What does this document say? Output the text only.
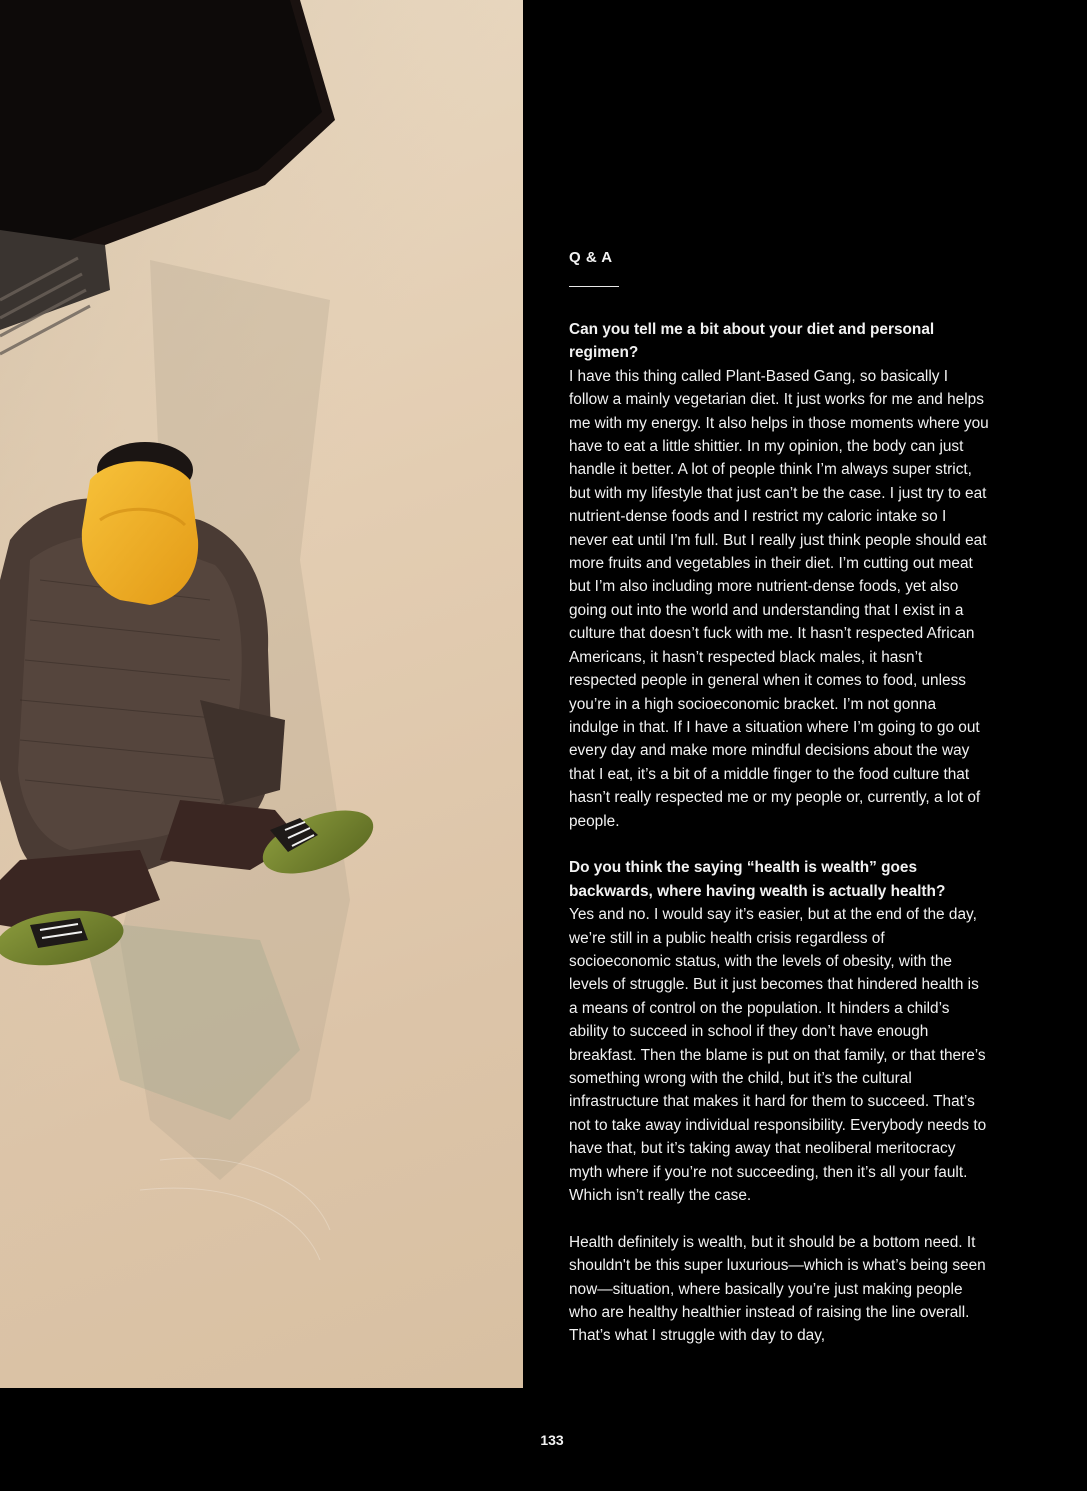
Q & A

Can you tell me a bit about your diet and personal regimen?

I have this thing called Plant-Based Gang, so basically I follow a mainly vegetarian diet. It just works for me and helps me with my energy. It also helps in those moments where you have to eat a little shittier. In my opinion, the body can just handle it better. A lot of people think I’m always super strict, but with my lifestyle that just can’t be the case. I just try to eat nutrient-dense foods and I restrict my caloric intake so I never eat until I’m full. But I really just think people should eat more fruits and vegetables in their diet. I’m cutting out meat but I’m also including more nutrient-dense foods, yet also going out into the world and understanding that I exist in a culture that doesn’t fuck with me. It hasn’t respected African Americans, it hasn’t respected black males, it hasn’t respected people in general when it comes to food, unless you’re in a high socioeconomic bracket. I’m not gonna indulge in that. If I have a situation where I’m going to go out every day and make more mindful decisions about the way that I eat, it’s a bit of a middle finger to the food culture that hasn’t really respected me or my people or, currently, a lot of people.

Do you think the saying “health is wealth” goes backwards, where having wealth is actually health?

Yes and no. I would say it’s easier, but at the end of the day, we’re still in a public health crisis regardless of socioeconomic status, with the levels of obesity, with the levels of struggle. But it just becomes that hindered health is a means of control on the population. It hinders a child’s ability to succeed in school if they don’t have enough breakfast. Then the blame is put on that family, or that there’s something wrong with the child, but it’s the cultural infrastructure that makes it hard for them to succeed. That’s not to take away individual responsibility. Everybody needs to have that, but it’s taking away that neoliberal meritocracy myth where if you’re not succeeding, then it’s all your fault. Which isn’t really the case.

Health definitely is wealth, but it should be a bottom need. It shouldn't be this super luxurious—which is what’s being seen now—situation, where basically you’re just making people who are healthy healthier instead of raising the line overall. That’s what I struggle with day to day,

133
